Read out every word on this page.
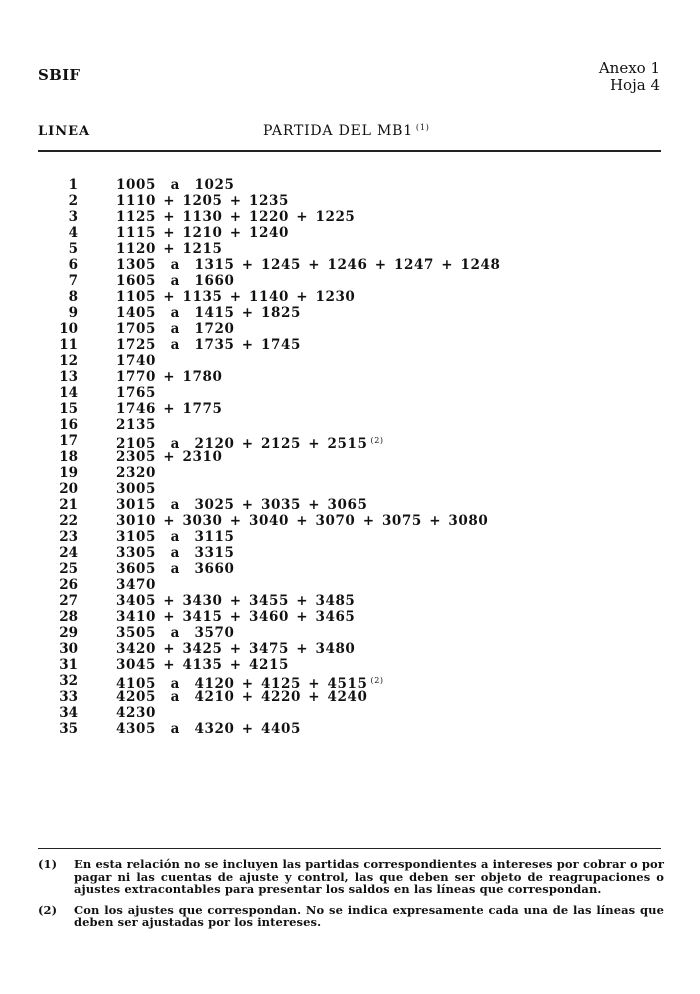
SBIF	Anexo 1
Hoja 4
LINEA	PARTIDA DEL MB1 $^{(1)}$
1	1005  a  1025
2	1110 + 1205 + 1235
3	1125 + 1130 + 1220 + 1225
4	1115 + 1210 + 1240
5	1120 + 1215
6	1305  a  1315 + 1245 + 1246 + 1247 + 1248
7	1605  a  1660
8	1105 + 1135 + 1140 + 1230
9	1405  a  1415 + 1825
10	1705  a  1720
11	1725  a  1735 + 1745
12	1740
13	1770 + 1780
14	1765
15	1746 + 1775
16	2135
17	2105  a  2120 + 2125 + 2515 $^{(2)}$
18	2305 + 2310
19	2320
20	3005
21	3015  a  3025 + 3035 + 3065
22	3010 + 3030 + 3040 + 3070 + 3075 + 3080
23	3105  a  3115
24	3305  a  3315
25	3605  a  3660
26	3470
27	3405 + 3430 + 3455 + 3485
28	3410 + 3415 + 3460 + 3465
29	3505  a  3570
30	3420 + 3425 + 3475 + 3480
31	3045 + 4135 + 4215
32	4105  a  4120 + 4125 + 4515 $^{(2)}$
33	4205  a  4210 + 4220 + 4240
34	4230
35	4305  a  4320 + 4405
(1)	En esta relación no se incluyen las partidas correspondientes a intereses por cobrar o por pagar ni las cuentas de ajuste y control, las que deben ser objeto de reagrupaciones o ajustes extracontables para presentar los saldos en las líneas que correspondan.
(2)	Con los ajustes que correspondan. No se indica expresamente cada una de las líneas que deben ser ajustadas por los intereses.
